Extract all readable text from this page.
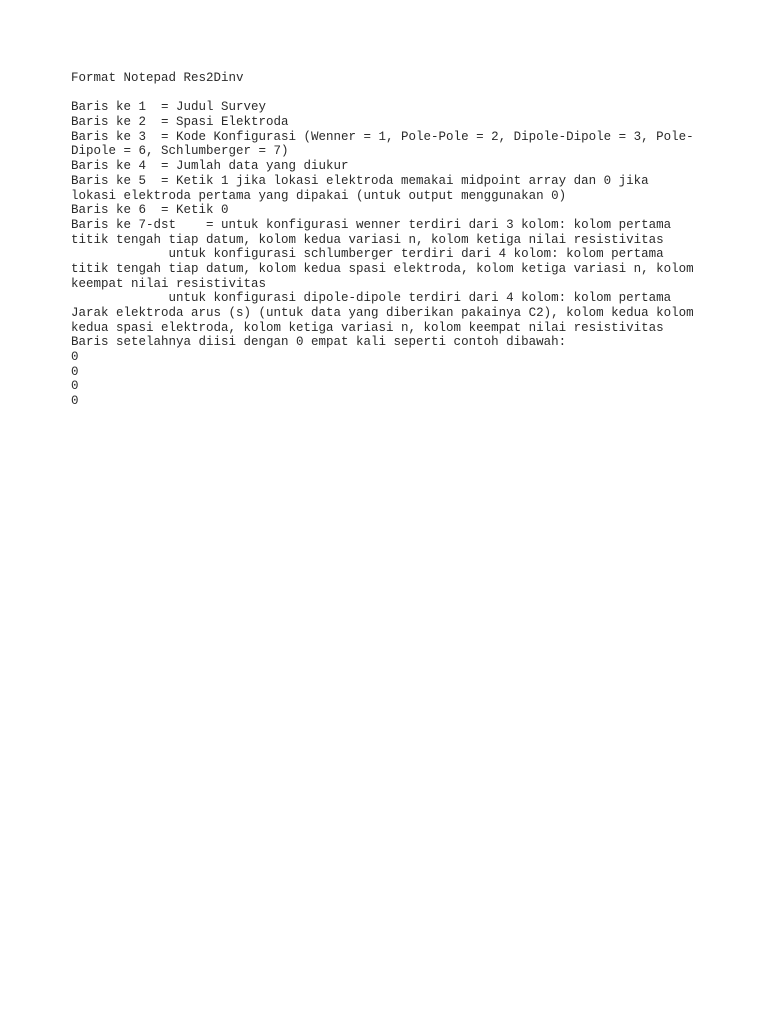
Format Notepad Res2Dinv
Baris ke 1  = Judul Survey
Baris ke 2  = Spasi Elektroda
Baris ke 3  = Kode Konfigurasi (Wenner = 1, Pole-Pole = 2, Dipole-Dipole = 3, Pole-
Dipole = 6, Schlumberger = 7)
Baris ke 4  = Jumlah data yang diukur
Baris ke 5  = Ketik 1 jika lokasi elektroda memakai midpoint array dan 0 jika
lokasi elektroda pertama yang dipakai (untuk output menggunakan 0)
Baris ke 6  = Ketik 0
Baris ke 7-dst    = untuk konfigurasi wenner terdiri dari 3 kolom: kolom pertama
titik tengah tiap datum, kolom kedua variasi n, kolom ketiga nilai resistivitas
untuk konfigurasi schlumberger terdiri dari 4 kolom: kolom pertama
titik tengah tiap datum, kolom kedua spasi elektroda, kolom ketiga variasi n, kolom
keempat nilai resistivitas
untuk konfigurasi dipole-dipole terdiri dari 4 kolom: kolom pertama
Jarak elektroda arus (s) (untuk data yang diberikan pakainya C2), kolom kedua kolom
kedua spasi elektroda, kolom ketiga variasi n, kolom keempat nilai resistivitas
Baris setelahnya diisi dengan 0 empat kali seperti contoh dibawah:
0
0
0
0
